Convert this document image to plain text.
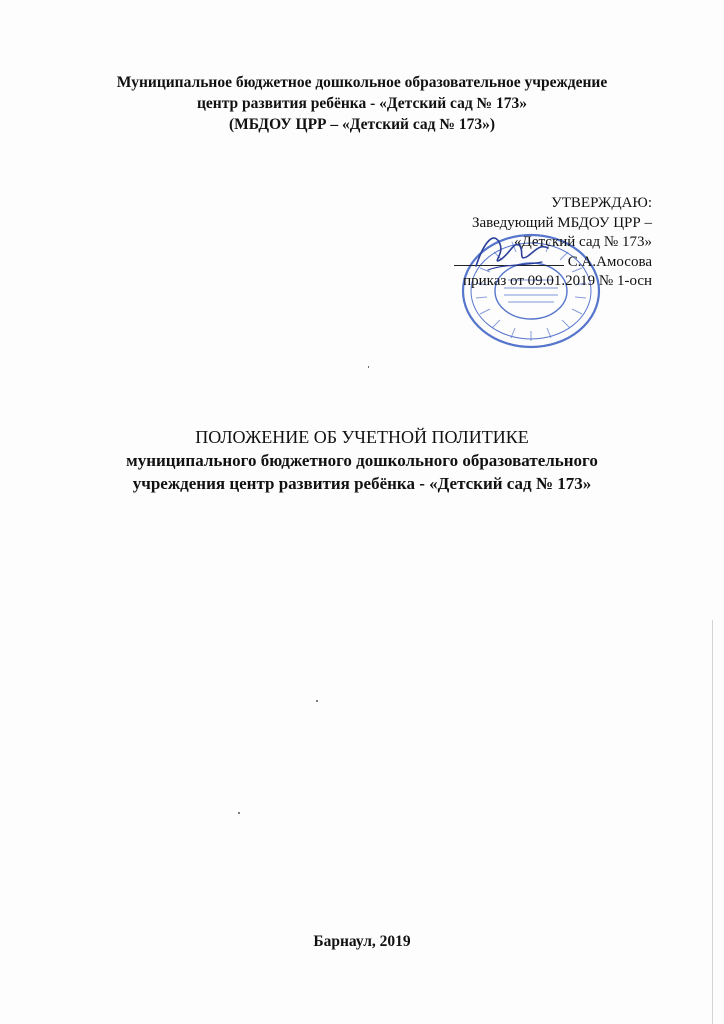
Муниципальное бюджетное дошкольное образовательное учреждение
центр развития ребёнка - «Детский сад № 173»
(МБДОУ ЦРР – «Детский сад № 173»)
УТВЕРЖДАЮ:
Заведующий МБДОУ ЦРР –
«Детский сад № 173»
С.А.Амосова
приказ от 09.01.2019 № 1-осн
ПОЛОЖЕНИЕ ОБ УЧЕТНОЙ ПОЛИТИКЕ
муниципального бюджетного дошкольного образовательного
учреждения центр развития ребёнка - «Детский сад № 173»
Барнаул, 2019
